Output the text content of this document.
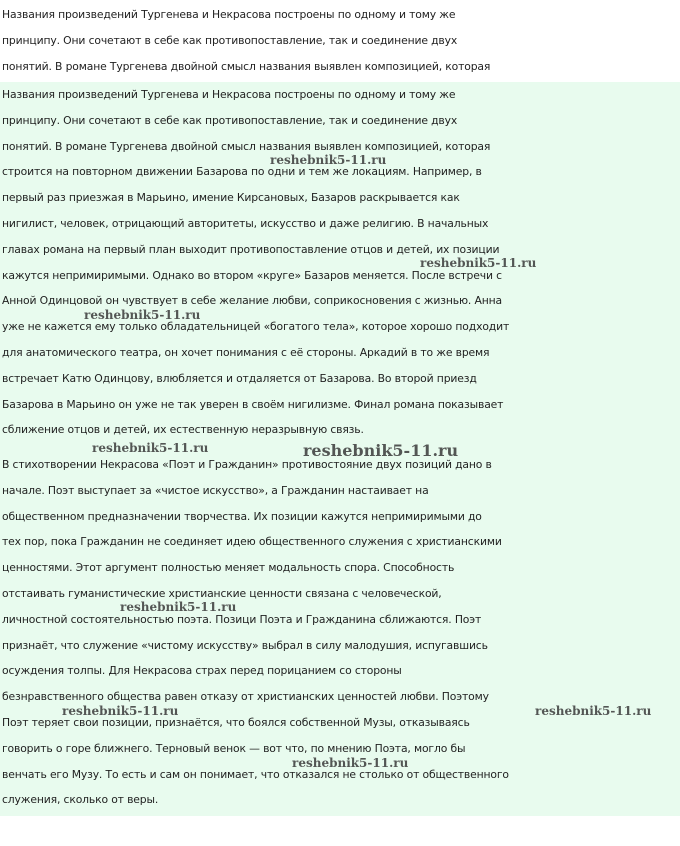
Названия произведений Тургенева и Некрасова построены по одному и тому же
принципу. Они сочетают в себе как противопоставление, так и соединение двух
понятий. В романе Тургенева двойной смысл названия выявлен композицией, которая
Названия произведений Тургенева и Некрасова построены по одному и тому же
принципу. Они сочетают в себе как противопоставление, так и соединение двух
понятий. В романе Тургенева двойной смысл названия выявлен композицией, которая
строится на повторном движении Базарова по одни и тем же локациям. Например, в
первый раз приезжая в Марьино, имение Кирсановых, Базаров раскрывается как
нигилист, человек, отрицающий авторитеты, искусство и даже религию. В начальных
главах романа на первый план выходит противопоставление отцов и детей, их позиции
кажутся непримиримыми. Однако во втором «круге» Базаров меняется. После встречи с
Анной Одинцовой он чувствует в себе желание любви, соприкосновения с жизнью. Анна
уже не кажется ему только обладательницей «богатого тела», которое хорошо подходит
для анатомического театра, он хочет понимания с её стороны. Аркадий в то же время
встречает Катю Одинцову, влюбляется и отдаляется от Базарова. Во второй приезд
Базарова в Марьино он уже не так уверен в своём нигилизме. Финал романа показывает
сближение отцов и детей, их естественную неразрывную связь.
В стихотворении Некрасова «Поэт и Гражданин» противостояние двух позиций дано в
начале. Поэт выступает за «чистое искусство», а Гражданин настаивает на
общественном предназначении творчества. Их позиции кажутся непримиримыми до
тех пор, пока Гражданин не соединяет идею общественного служения с христианскими
ценностями. Этот аргумент полностью меняет модальность спора. Способность
отстаивать гуманистические христианские ценности связана с человеческой,
личностной состоятельностью поэта. Позици Поэта и Гражданина сближаются. Поэт
признаёт, что служение «чистому искусству» выбрал в силу малодушия, испугавшись
осуждения толпы. Для Некрасова страх перед порицанием со стороны
безнравственного общества равен отказу от христианских ценностей любви. Поэтому
Поэт теряет свои позиции, признаётся, что боялся собственной Музы, отказываясь
говорить о горе ближнего. Терновый венок — вот что, по мнению Поэта, могло бы
венчать его Музу. То есть и сам он понимает, что отказался не столько от общественного
служения, сколько от веры.
reshebnik5-11.ru
reshebnik5-11.ru
reshebnik5-11.ru
reshebnik5-11.ru	reshebnik5-11.ru
reshebnik5-11.ru
reshebnik5-11.ru	reshebnik5-11.ru
reshebnik5-11.ru
